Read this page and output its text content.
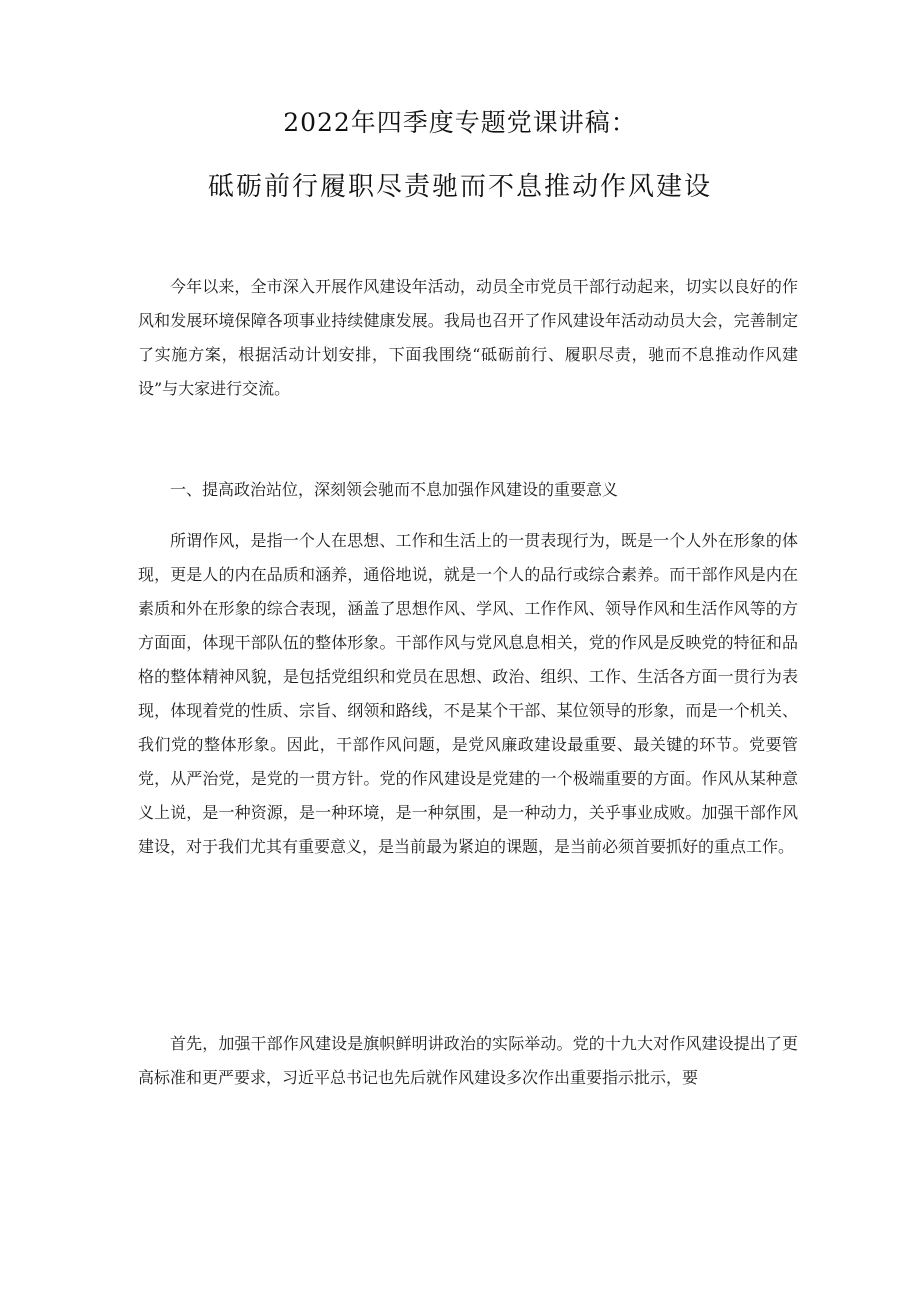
2022年四季度专题党课讲稿：
砥砺前行履职尽责驰而不息推动作风建设

今年以来，全市深入开展作风建设年活动，动员全市党员干部行动起来，切实以良好的作风和发展环境保障各项事业持续健康发展。我局也召开了作风建设年活动动员大会，完善制定了实施方案，根据活动计划安排，下面我围绕“砥砺前行、履职尽责，驰而不息推动作风建设”与大家进行交流。

一、提高政治站位，深刻领会驰而不息加强作风建设的重要意义

所谓作风，是指一个人在思想、工作和生活上的一贯表现行为，既是一个人外在形象的体现，更是人的内在品质和涵养，通俗地说，就是一个人的品行或综合素养。而干部作风是内在素质和外在形象的综合表现，涵盖了思想作风、学风、工作作风、领导作风和生活作风等的方方面面，体现干部队伍的整体形象。干部作风与党风息息相关，党的作风是反映党的特征和品格的整体精神风貌，是包括党组织和党员在思想、政治、组织、工作、生活各方面一贯行为表现，体现着党的性质、宗旨、纲领和路线，不是某个干部、某位领导的形象，而是一个机关、我们党的整体形象。因此，干部作风问题，是党风廉政建设最重要、最关键的环节。党要管党，从严治党，是党的一贯方针。党的作风建设是党建的一个极端重要的方面。作风从某种意义上说，是一种资源，是一种环境，是一种氛围，是一种动力，关乎事业成败。加强干部作风建设，对于我们尤其有重要意义，是当前最为紧迫的课题，是当前必须首要抓好的重点工作。

首先，加强干部作风建设是旗帜鲜明讲政治的实际举动。党的十九大对作风建设提出了更高标准和更严要求，习近平总书记也先后就作风建设多次作出重要指示批示，要
